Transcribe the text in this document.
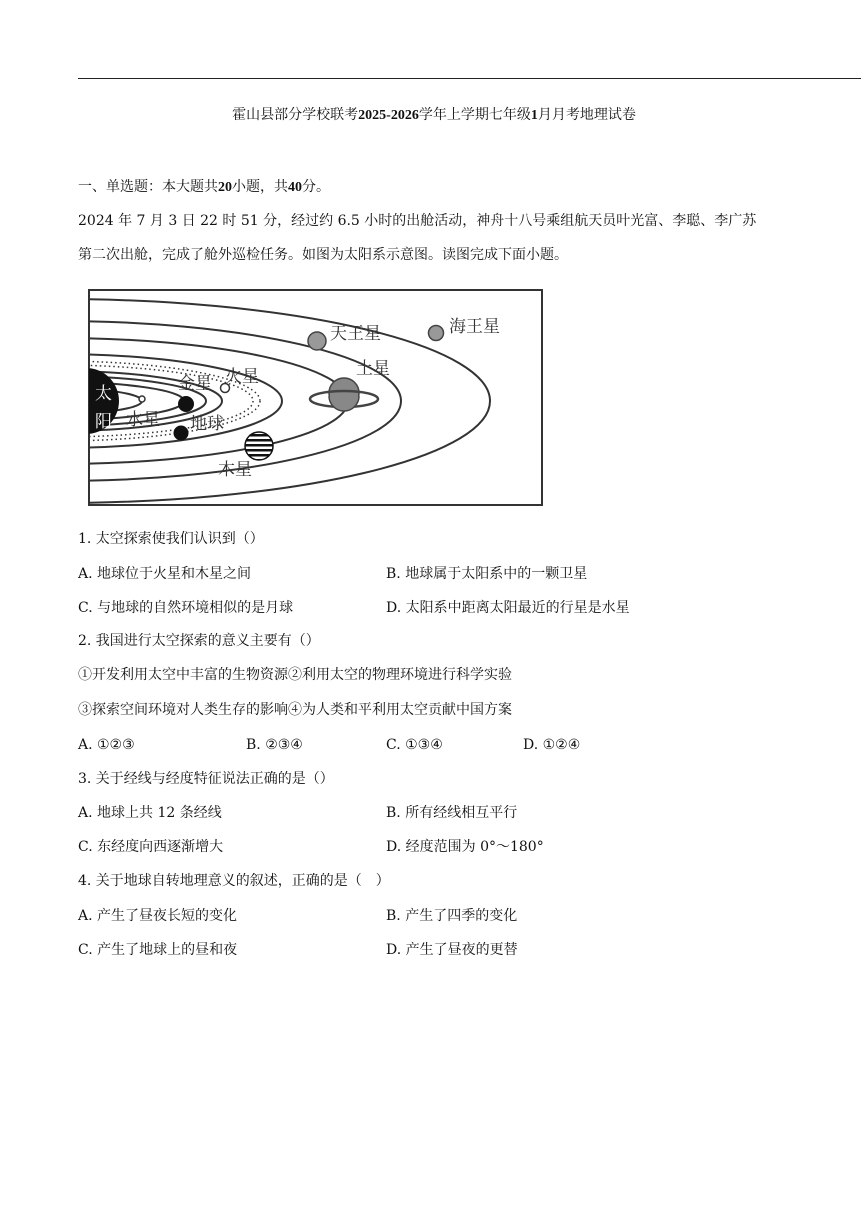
霍山县部分学校联考2025-2026学年上学期七年级1月月考地理试卷
一、单选题：本大题共20小题，共40分。
2024 年 7 月 3 日 22 时 51 分，经过约 6.5 小时的出舱活动，神舟十八号乘组航天员叶光富、李聪、李广苏
第二次出舱，完成了舱外巡检任务。如图为太阳系示意图。读图完成下面小题。
太
阳 水星
金星
地球
火星
木星
土星
天王星	海王星
1. 太空探索使我们认识到（）
A. 地球位于火星和木星之间	B. 地球属于太阳系中的一颗卫星
C. 与地球的自然环境相似的是月球	D. 太阳系中距离太阳最近的行星是水星
2. 我国进行太空探索的意义主要有（）
①开发利用太空中丰富的生物资源②利用太空的物理环境进行科学实验
③探索空间环境对人类生存的影响④为人类和平利用太空贡献中国方案
A. ①②③	B. ②③④	C. ①③④	D. ①②④
3. 关于经线与经度特征说法正确的是（）
A. 地球上共 12 条经线	B. 所有经线相互平行
C. 东经度向西逐渐增大	D. 经度范围为 0°～180°
4. 关于地球自转地理意义的叙述，正确的是（　）
A. 产生了昼夜长短的变化	B. 产生了四季的变化
C. 产生了地球上的昼和夜	D. 产生了昼夜的更替
